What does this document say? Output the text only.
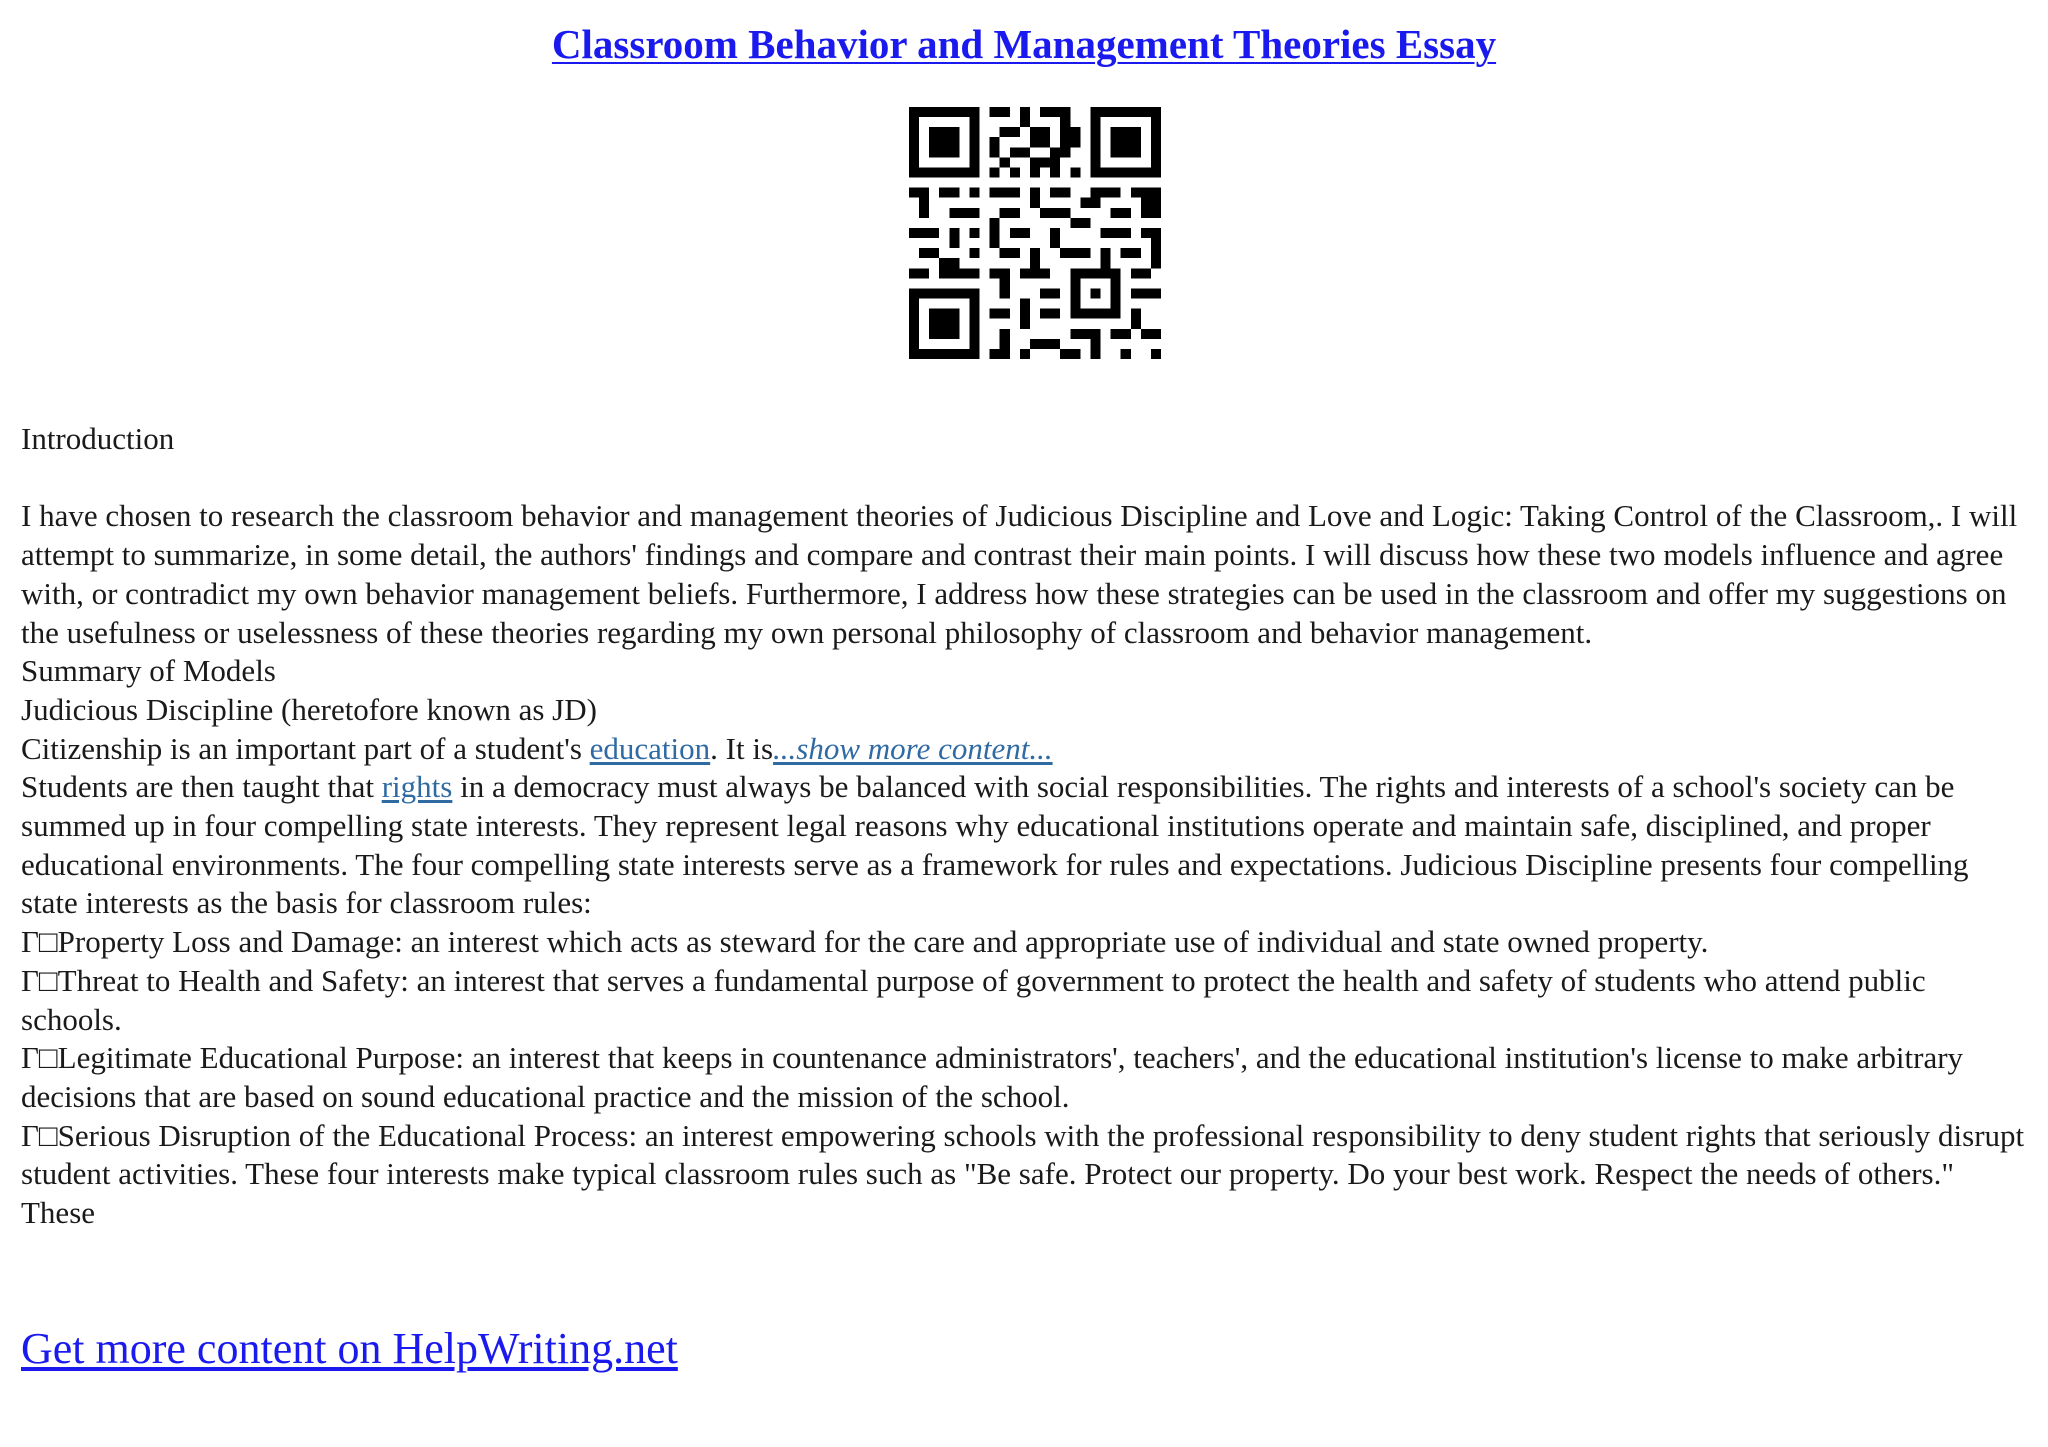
Classroom Behavior and Management Theories Essay

Introduction

I have chosen to research the classroom behavior and management theories of Judicious Discipline and Love and Logic: Taking Control of the Classroom,. I will attempt to summarize, in some detail, the authors' findings and compare and contrast their main points. I will discuss how these two models influence and agree with, or contradict my own behavior management beliefs. Furthermore, I address how these strategies can be used in the classroom and offer my suggestions on the usefulness or uselessness of these theories regarding my own personal philosophy of classroom and behavior management.

Summary of Models

Judicious Discipline (heretofore known as JD)

Citizenship is an important part of a student's education. It is...show more content...

Students are then taught that rights in a democracy must always be balanced with social responsibilities. The rights and interests of a school's society can be summed up in four compelling state interests. They represent legal reasons why educational institutions operate and maintain safe, disciplined, and proper educational environments. The four compelling state interests serve as a framework for rules and expectations. Judicious Discipline presents four compelling state interests as the basis for classroom rules:

Γ□Property Loss and Damage: an interest which acts as steward for the care and appropriate use of individual and state owned property.

Γ□Threat to Health and Safety: an interest that serves a fundamental purpose of government to protect the health and safety of students who attend public schools.

Γ□Legitimate Educational Purpose: an interest that keeps in countenance administrators', teachers', and the educational institution's license to make arbitrary decisions that are based on sound educational practice and the mission of the school.

Γ□Serious Disruption of the Educational Process: an interest empowering schools with the professional responsibility to deny student rights that seriously disrupt student activities. These four interests make typical classroom rules such as "Be safe. Protect our property. Do your best work. Respect the needs of others." These

Get more content on HelpWriting.net
